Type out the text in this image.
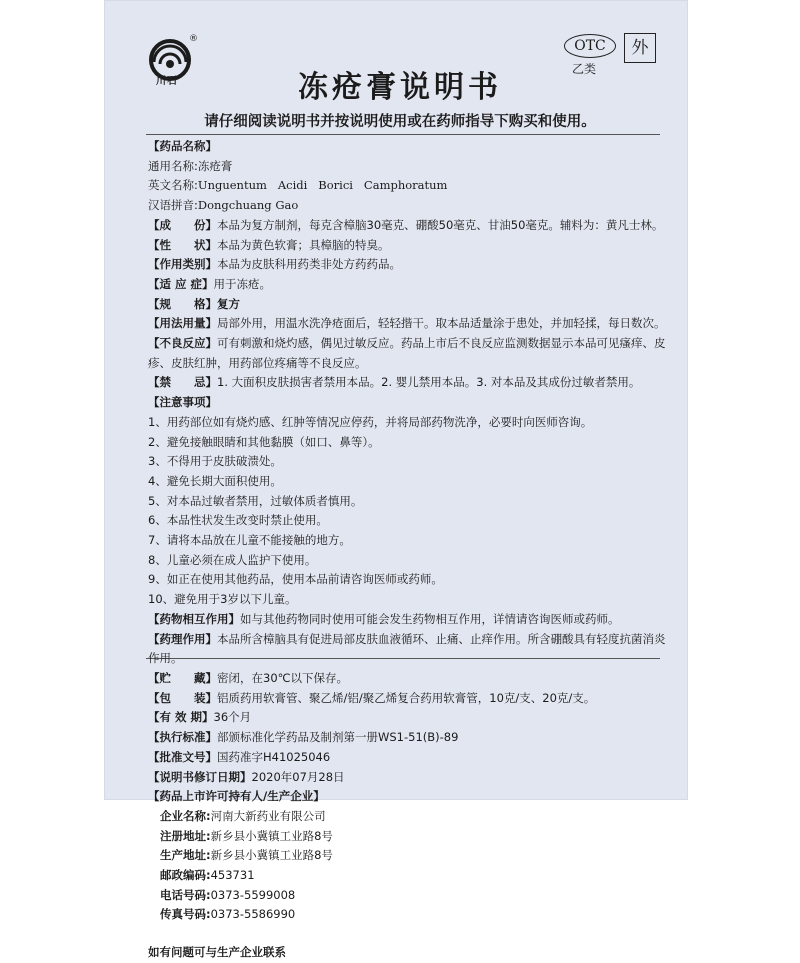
®
川石
OTC
乙类
外
冻疮膏说明书
请仔细阅读说明书并按说明使用或在药师指导下购买和使用。
【药品名称】
通用名称:冻疮膏
英文名称:Unguentum   Acidi   Borici   Camphoratum
汉语拼音:Dongchuang Gao
【成　　份】本品为复方制剂，每克含樟脑30毫克、硼酸50毫克、甘油50毫克。辅料为：黄凡士林。
【性　　状】本品为黄色软膏；具樟脑的特臭。
【作用类别】本品为皮肤科用药类非处方药药品。
【适 应 症】用于冻疮。
【规　　格】复方
【用法用量】局部外用，用温水洗净疮面后，轻轻揩干。取本品适量涂于患处，并加轻揉，每日数次。
【不良反应】可有刺激和烧灼感，偶见过敏反应。药品上市后不良反应监测数据显示本品可见瘙痒、皮疹、皮肤红肿，用药部位疼痛等不良反应。
【禁　　忌】1. 大面积皮肤损害者禁用本品。2. 婴儿禁用本品。3. 对本品及其成份过敏者禁用。
【注意事项】
1、用药部位如有烧灼感、红肿等情况应停药，并将局部药物洗净，必要时向医师咨询。
2、避免接触眼睛和其他黏膜（如口、鼻等）。
3、不得用于皮肤破溃处。
4、避免长期大面积使用。
5、对本品过敏者禁用，过敏体质者慎用。
6、本品性状发生改变时禁止使用。
7、请将本品放在儿童不能接触的地方。
8、儿童必须在成人监护下使用。
9、如正在使用其他药品，使用本品前请咨询医师或药师。
10、避免用于3岁以下儿童。
【药物相互作用】如与其他药物同时使用可能会发生药物相互作用，详情请咨询医师或药师。
【药理作用】本品所含樟脑具有促进局部皮肤血液循环、止痛、止痒作用。所含硼酸具有轻度抗菌消炎作用。
【贮　　藏】密闭，在30℃以下保存。
【包　　装】铝质药用软膏管、聚乙烯/铝/聚乙烯复合药用软膏管，10克/支、20克/支。
【有 效 期】36个月
【执行标准】部颁标准化学药品及制剂第一册WS1-51(B)-89
【批准文号】国药准字H41025046
【说明书修订日期】2020年07月28日
【药品上市许可持有人/生产企业】
企业名称:河南大新药业有限公司
注册地址:新乡县小冀镇工业路8号
生产地址:新乡县小冀镇工业路8号
邮政编码:453731
电话号码:0373-5599008
传真号码:0373-5586990
如有问题可与生产企业联系
